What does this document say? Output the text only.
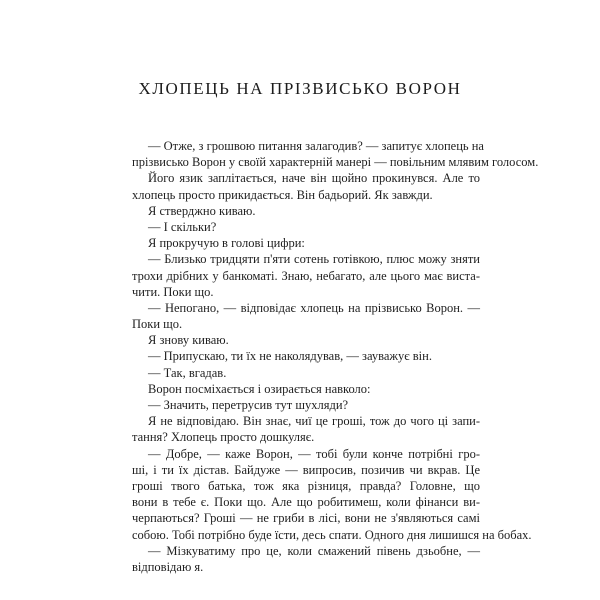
ХЛОПЕЦЬ НА ПРІЗВИСЬКО ВОРОН
— Отже, з грошвою питання залагодив? — запитує хлопець на
прізвисько Ворон у своїй характерній манері — повільним млявим голосом.
Його язик заплітається, наче він щойно прокинувся. Але то
хлопець просто прикидається. Він бадьорий. Як завжди.
Я стверджно киваю.
— І скільки?
Я прокручую в голові цифри:
— Близько тридцяти п'яти сотень готівкою, плюс можу зняти
трохи дрібних у банкоматі. Знаю, небагато, але цього має виста-
чити. Поки що.
— Непогано, — відповідає хлопець на прізвисько Ворон. —
Поки що.
Я знову киваю.
— Припускаю, ти їх не наколядував, — зауважує він.
— Так, вгадав.
Ворон посміхається і озирається навколо:
— Значить, перетрусив тут шухляди?
Я не відповідаю. Він знає, чиї це гроші, тож до чого ці запи-
тання? Хлопець просто дошкуляє.
— Добре, — каже Ворон, — тобі були конче потрібні гро-
ші, і ти їх дістав. Байдуже — випросив, позичив чи вкрав. Це
гроші твого батька, тож яка різниця, правда? Головне, що
вони в тебе є. Поки що. Але що робитимеш, коли фінанси ви-
черпаються? Гроші — не гриби в лісі, вони не з'являються самі
собою. Тобі потрібно буде їсти, десь спати. Одного дня лишишся на бобах.
— Мізкуватиму про це, коли смажений півень дзьобне, —
відповідаю я.
